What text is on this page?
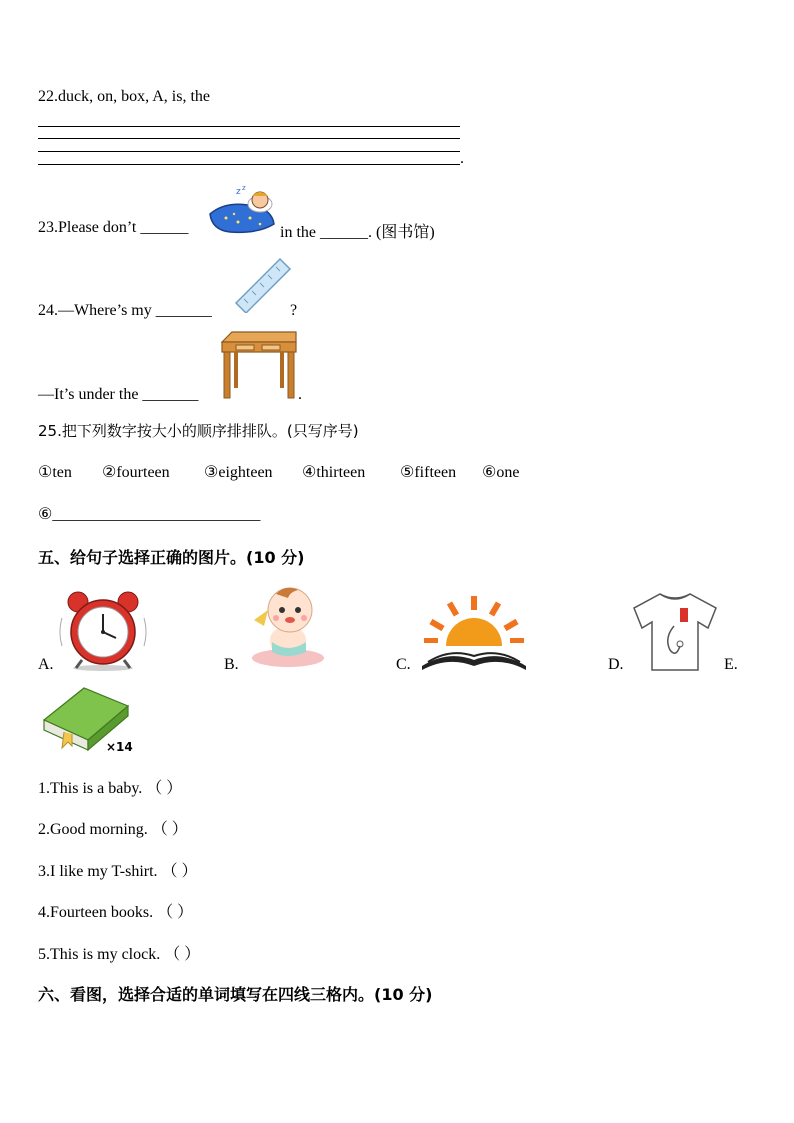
22.duck, on, box, A, is, the
.
23.Please don’t ______
z z
in the ______. (图书馆)
24.—Where’s my _______	?
—It’s under the _______	.
25.把下列数字按大小的顺序排排队。(只写序号)
①ten ②fourteen ③eighteen ④thirteen ⑤fifteen ⑥one
⑥__________________________
五、给句子选择正确的图片。(10 分)
A.	B.	C.	D.	E.
×14
1.This is a baby. （ ）
2.Good morning. （ ）
3.I like my T-shirt. （ ）
4.Fourteen books. （ ）
5.This is my clock. （ ）
六、看图，选择合适的单词填写在四线三格内。(10 分)
